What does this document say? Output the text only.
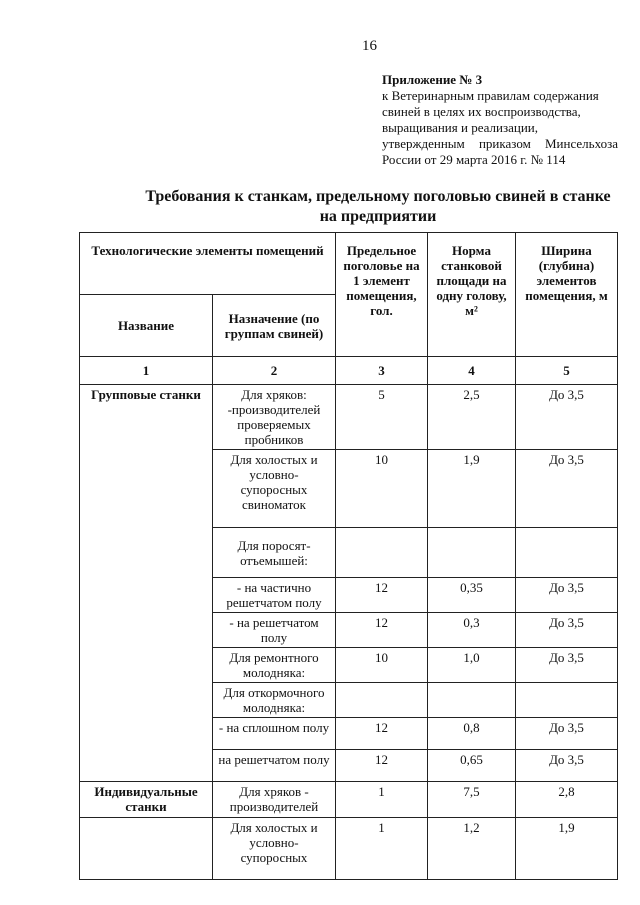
16
Приложение № 3
к Ветеринарным правилам содержания
свиней в целях их воспроизводства,
выращивания и реализации,
утвержденным приказом Минсельхоза
России от 29 марта 2016 г. № 114
Требования к станкам, предельному поголовью свиней в станке
на предприятии
Технологические элементы помещений		Предельное поголовье на 1 элемент помещения, гол.	Норма станковой площади на одну голову, м²	Ширина (глубина) элементов помещения, м
Название	Назначение (по группам свиней)			
1	2	3	4	5
Групповые станки	Для хряков: -производителей проверяемых пробников	5	2,5	До 3,5
	Для холостых и условно-супоросных свиноматок	10	1,9	До 3,5
	Для поросят-отъемышей:			
	- на частично решетчатом полу	12	0,35	До 3,5
	- на решетчатом полу	12	0,3	До 3,5
	Для ремонтного молодняка:	10	1,0	До 3,5
	Для откормочного молодняка:			
	- на сплошном полу	12	0,8	До 3,5
	на решетчатом полу	12	0,65	До 3,5
Индивидуальные станки	Для хряков - производителей	1	7,5	2,8
	Для холостых и условно-супоросных	1	1,2	1,9
